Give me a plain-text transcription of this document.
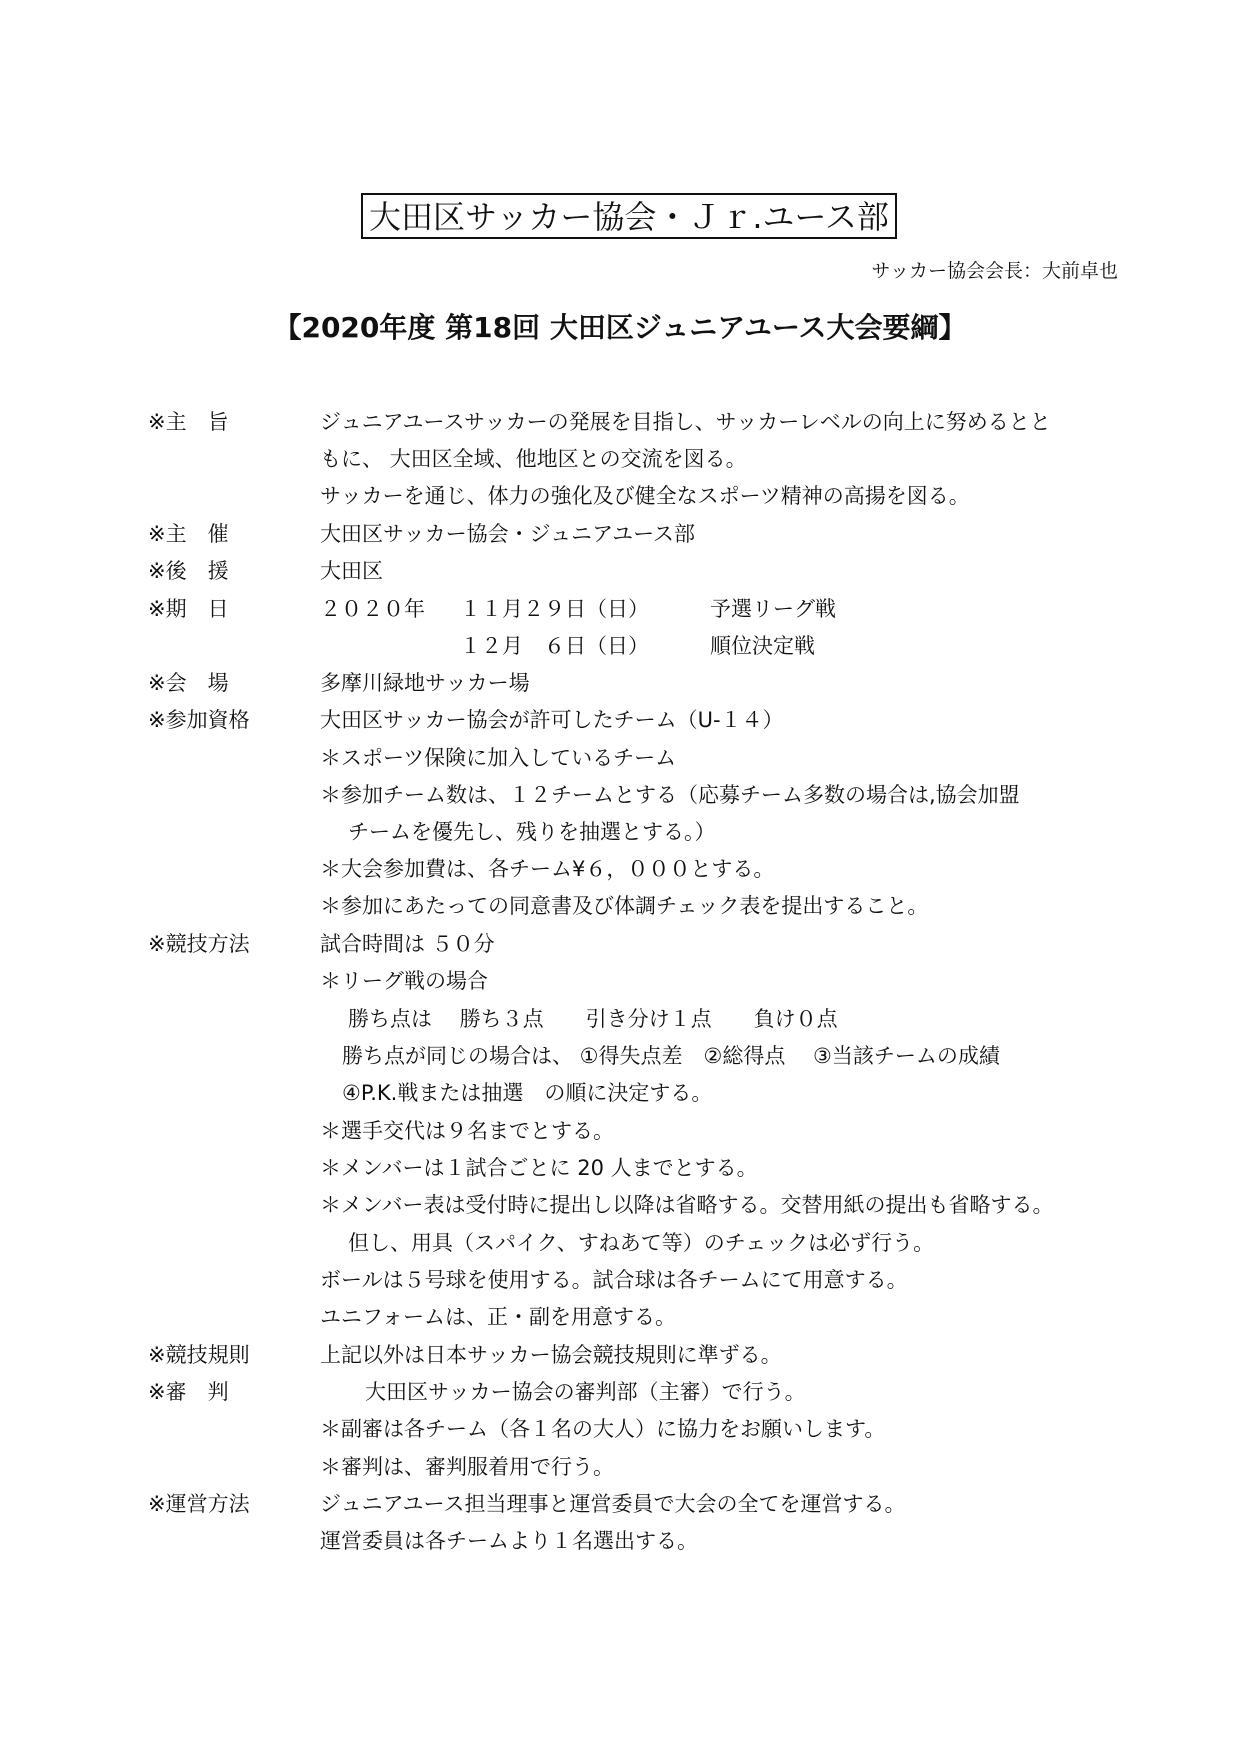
大田区サッカー協会・Ｊｒ.ユース部
サッカー協会会長：大前卓也
【2020年度 第18回 大田区ジュニアユース大会要綱】
※主　旨	ジュニアユースサッカーの発展を目指し、サッカーレベルの向上に努めるとと
もに、 大田区全域、他地区との交流を図る。
サッカーを通じ、体力の強化及び健全なスポーツ精神の高揚を図る。
※主　催	大田区サッカー協会・ジュニアユース部
※後　援	大田区
※期　日	２０２０年 １１月２９日（日）	予選リーグ戦
１２月　６日（日）	順位決定戦
※会　場	多摩川緑地サッカー場
※参加資格	大田区サッカー協会が許可したチーム（U-１４）
＊スポーツ保険に加入しているチーム
＊参加チーム数は、１２チームとする（応募チーム多数の場合は,協会加盟
チームを優先し、残りを抽選とする。）
＊大会参加費は、各チーム¥６，０００とする。
＊参加にあたっての同意書及び体調チェック表を提出すること。
※競技方法	試合時間は ５０分
＊リーグ戦の場合
勝ち点は　 勝ち３点　　引き分け１点　　負け０点
勝ち点が同じの場合は、 ①得失点差　②総得点　 ③当該チームの成績
④P.K.戦または抽選　の順に決定する。
＊選手交代は９名までとする。
＊メンバーは１試合ごとに 20 人までとする。
＊メンバー表は受付時に提出し以降は省略する。交替用紙の提出も省略する。
但し、用具（スパイク、すねあて等）のチェックは必ず行う。
ボールは５号球を使用する。試合球は各チームにて用意する。
ユニフォームは、正・副を用意する。
※競技規則	上記以外は日本サッカー協会競技規則に準ずる。
※審　判	大田区サッカー協会の審判部（主審）で行う。
＊副審は各チーム（各１名の大人）に協力をお願いします。
＊審判は、審判服着用で行う。
※運営方法	ジュニアユース担当理事と運営委員で大会の全てを運営する。
運営委員は各チームより１名選出する。
